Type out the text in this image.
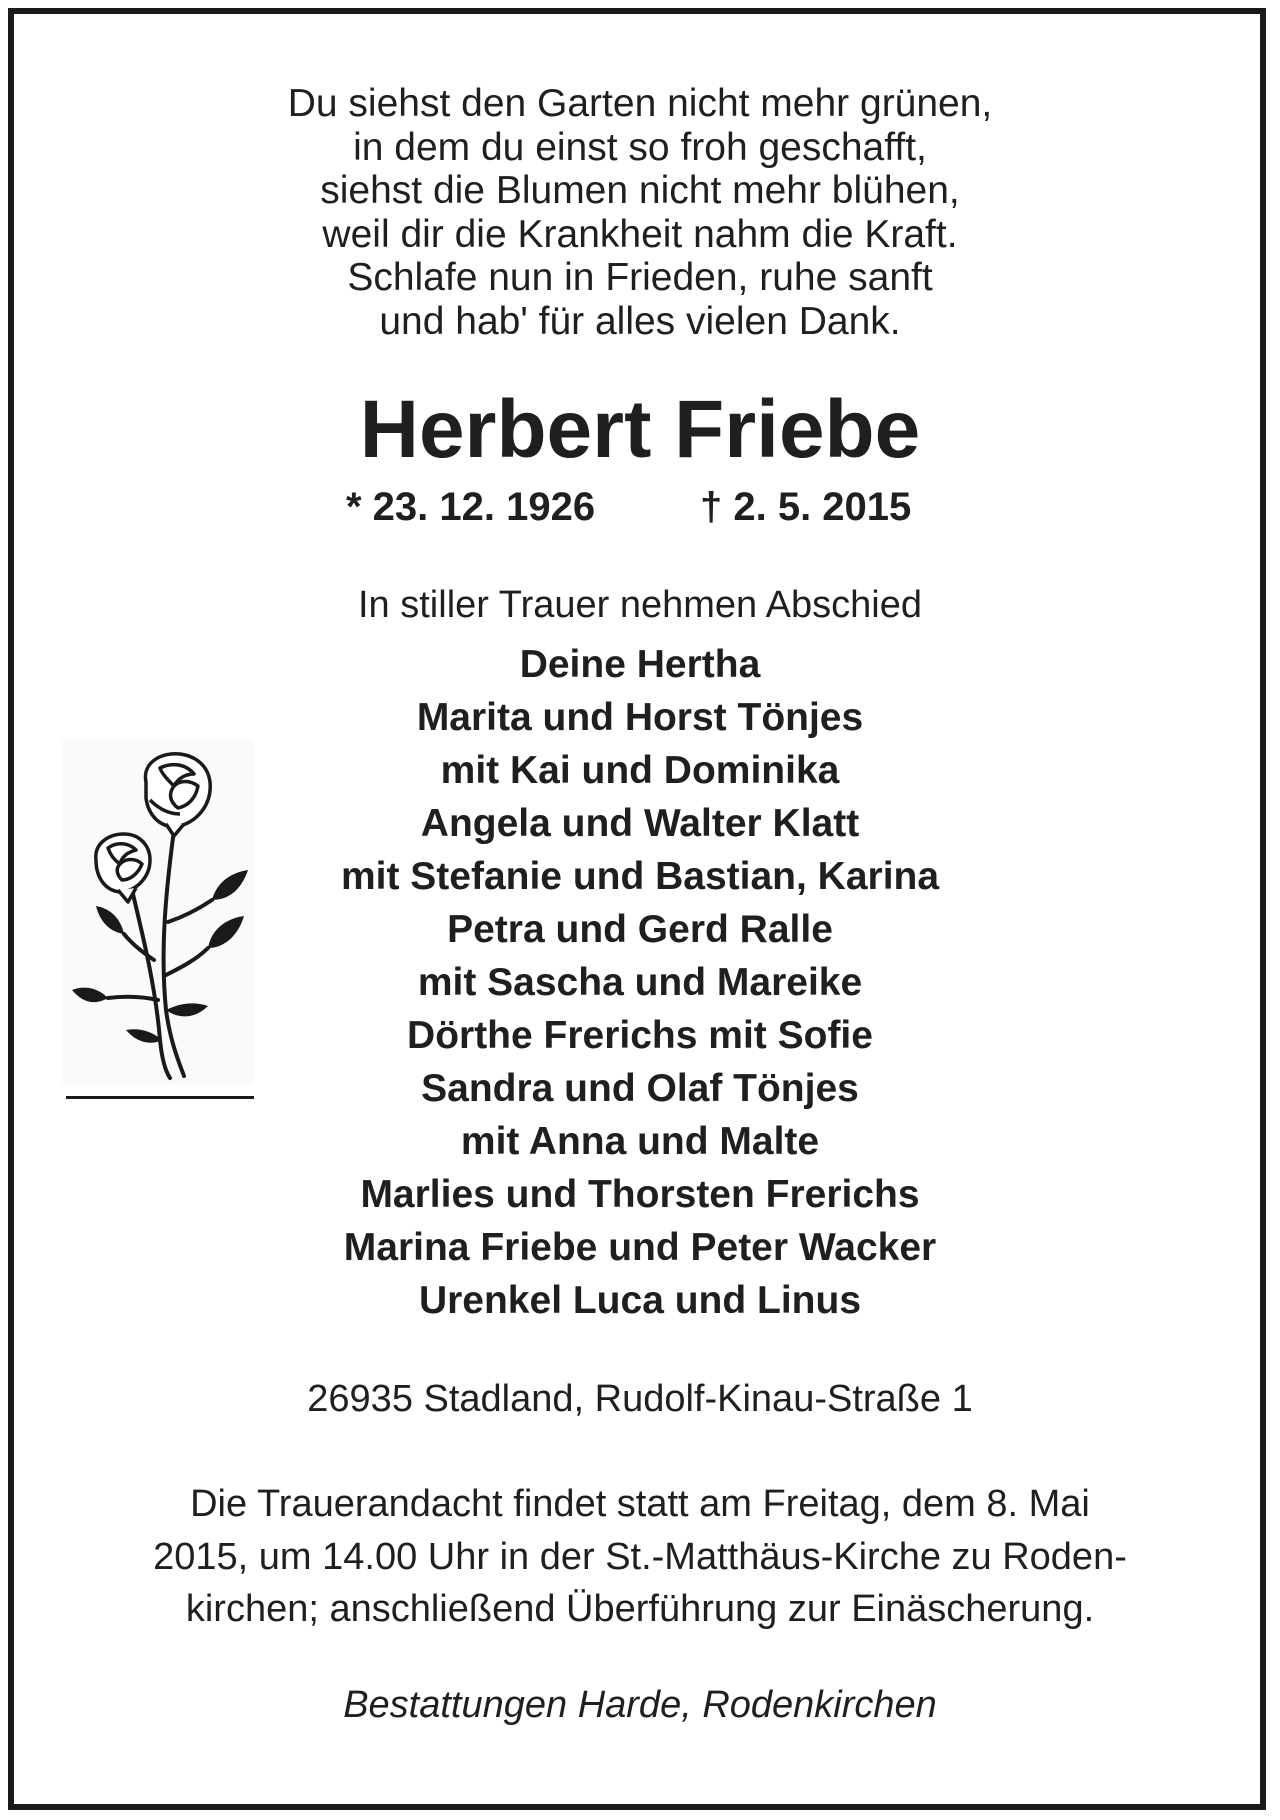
Du siehst den Garten nicht mehr grünen,
in dem du einst so froh geschafft,
siehst die Blumen nicht mehr blühen,
weil dir die Krankheit nahm die Kraft.
Schlafe nun in Frieden, ruhe sanft
und hab' für alles vielen Dank.
Herbert Friebe
* 23. 12. 1926	† 2. 5. 2015

In stiller Trauer nehmen Abschied

Deine Hertha
Marita und Horst Tönjes
mit Kai und Dominika
Angela und Walter Klatt
mit Stefanie und Bastian, Karina
Petra und Gerd Ralle
mit Sascha und Mareike
Dörthe Frerichs mit Sofie
Sandra und Olaf Tönjes
mit Anna und Malte
Marlies und Thorsten Frerichs
Marina Friebe und Peter Wacker
Urenkel Luca und Linus

26935 Stadland, Rudolf-Kinau-Straße 1

Die Trauerandacht findet statt am Freitag, dem 8. Mai
2015, um 14.00 Uhr in der St.-Matthäus-Kirche zu Roden-
kirchen; anschließend Überführung zur Einäscherung.

Bestattungen Harde, Rodenkirchen
